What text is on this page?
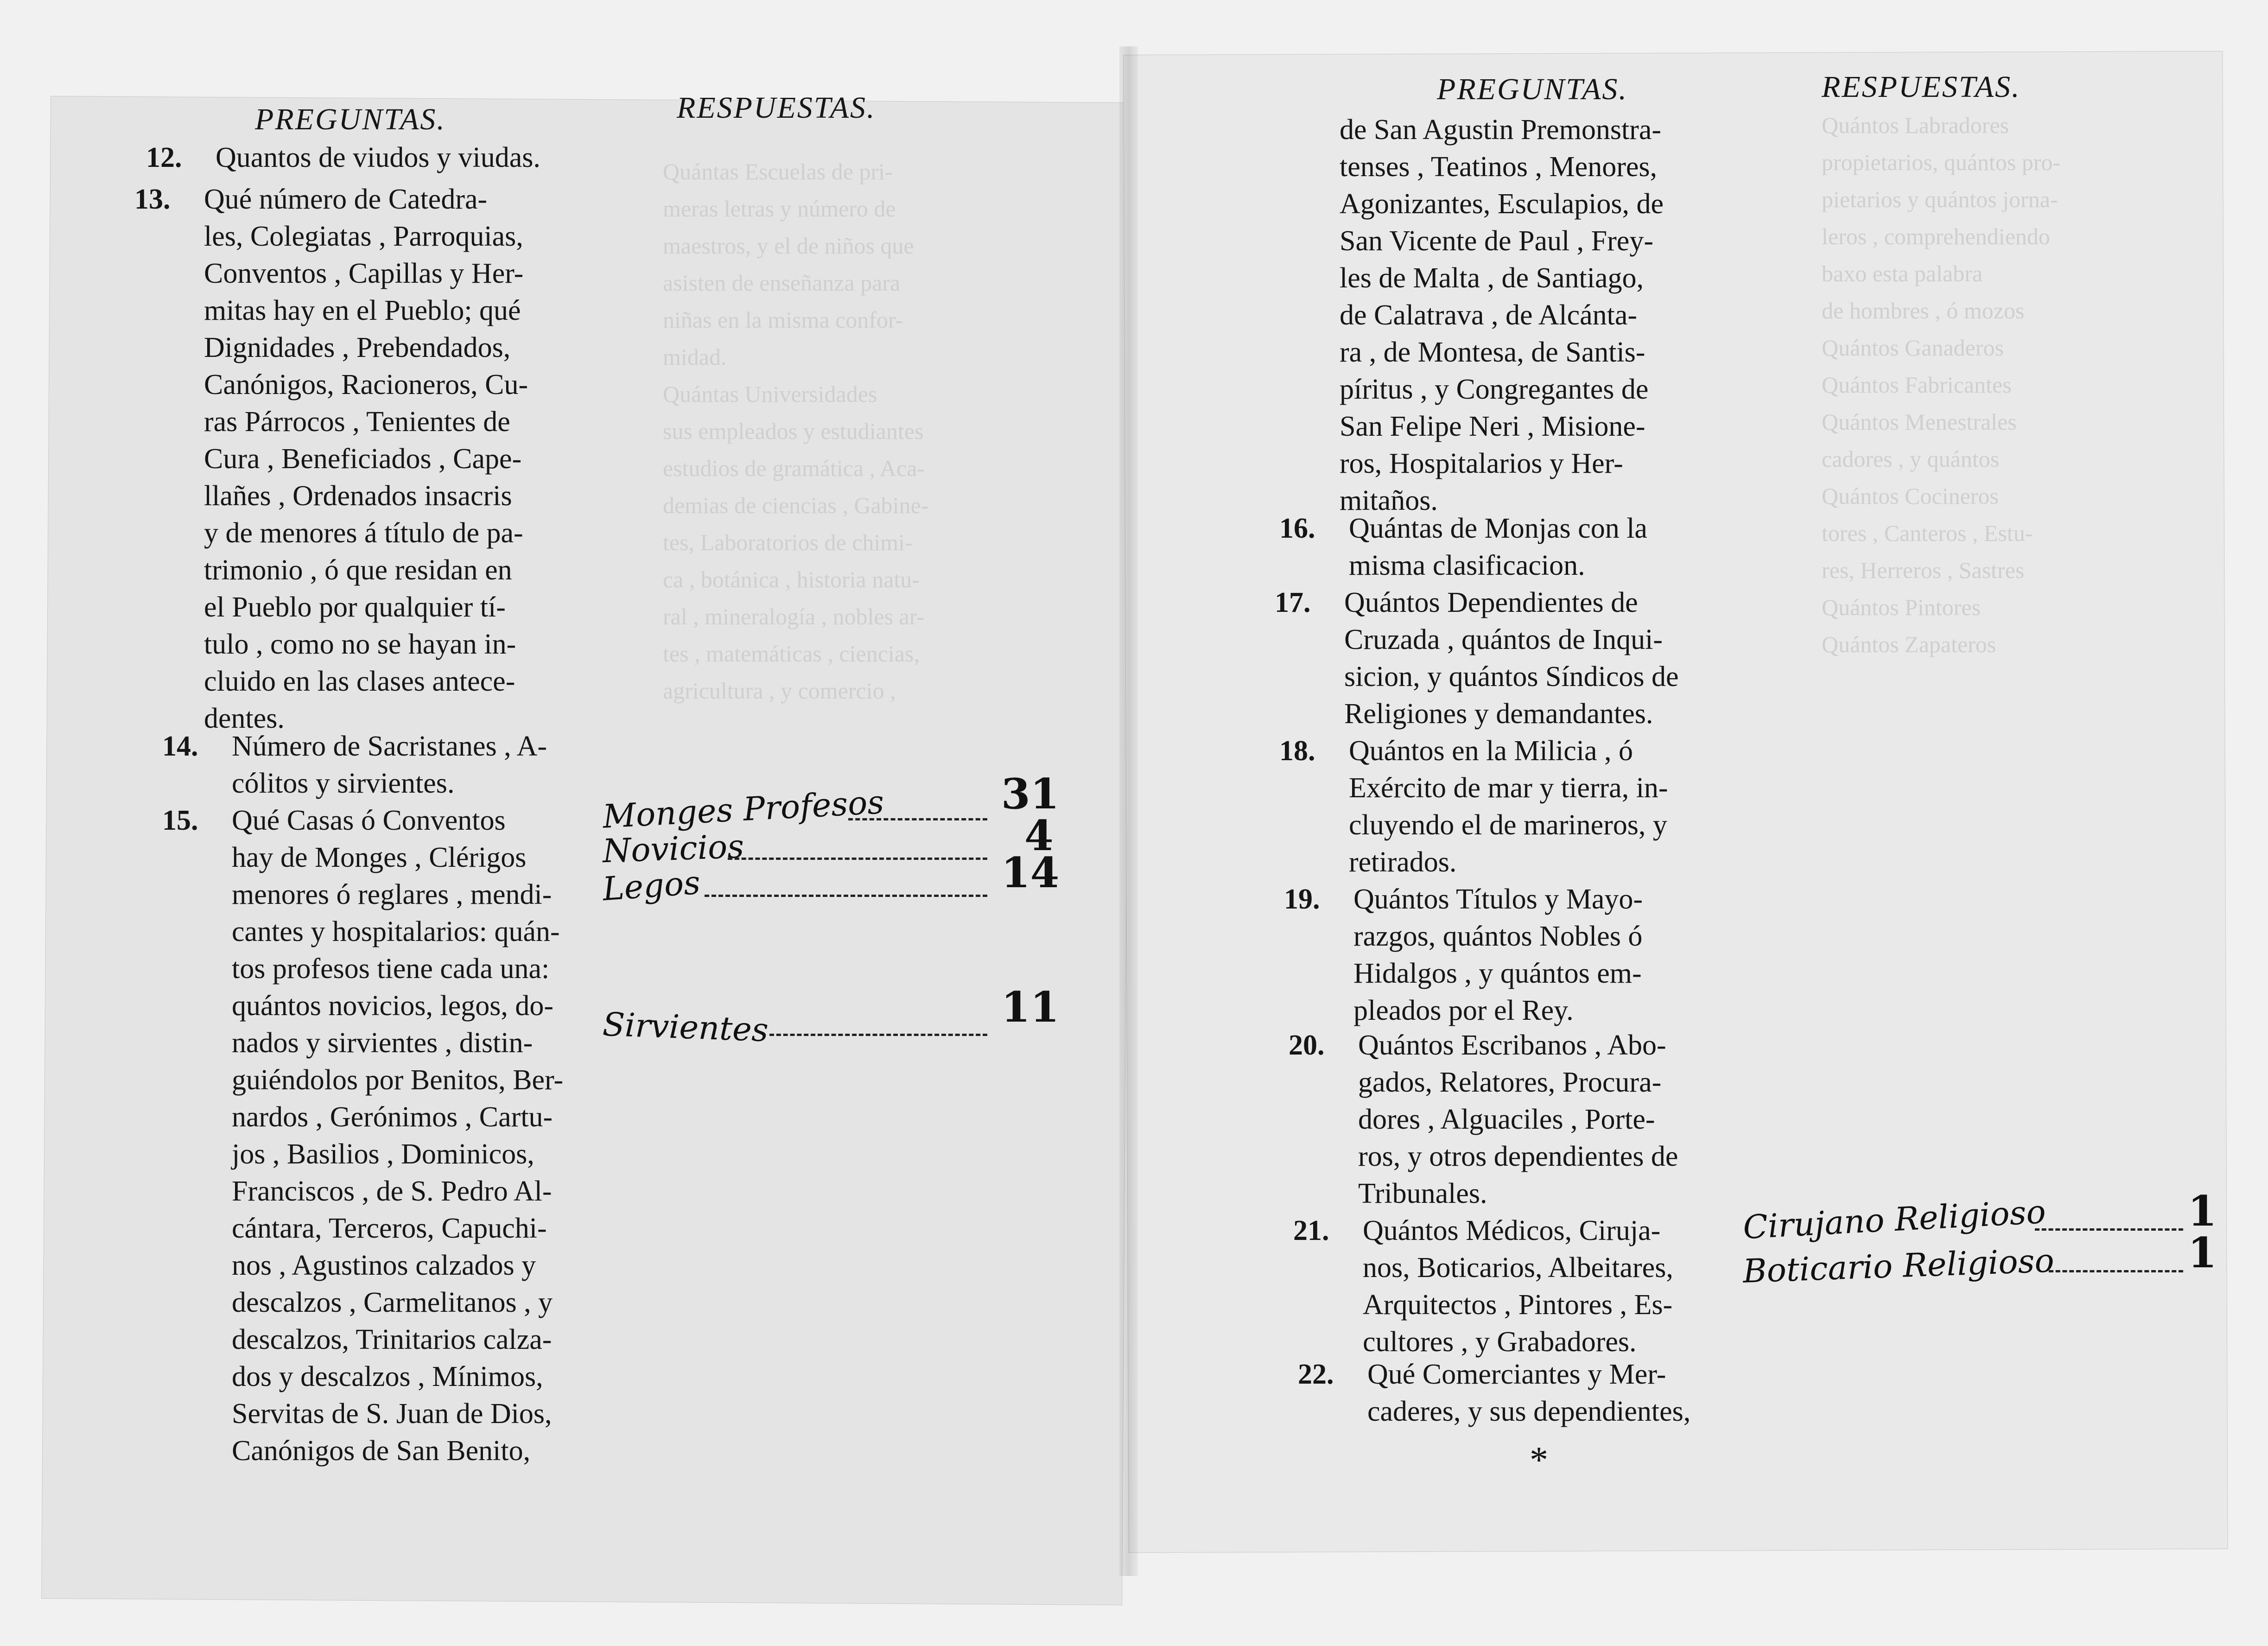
Quántas Escuelas de pri-
meras letras y número de
maestros, y el de niños que
asisten de enseñanza para
niñas en la misma confor-
midad.
Quántas Universidades
sus empleados y estudiantes
estudios de gramática , Aca-
demias de ciencias , Gabine-
tes, Laboratorios de chimi-
ca , botánica , historia natu-
ral , mineralogía , nobles ar-
tes , matemáticas , ciencias,
agricultura , y comercio ,
Quántos Labradores
propietarios, quántos pro-
pietarios y quántos jorna-
leros , comprehendiendo
baxo esta palabra
de hombres , ó mozos
Quántos Ganaderos
Quántos Fabricantes
Quántos Menestrales
cadores , y quántos
Quántos Cocineros
tores , Canteros , Estu-
res, Herreros , Sastres
Quántos Pintores
Quántos Zapateros
PREGUNTAS.	RESPUESTAS.
12. Quantos de viudos y viudas.

13. Qué número de Catedra-

les, Colegiatas , Parroquias,

Conventos , Capillas y Her-

mitas hay en el Pueblo; qué

Dignidades , Prebendados,

Canónigos, Racioneros, Cu-

ras Párrocos , Tenientes de

Cura , Beneficiados , Cape-

llañes , Ordenados insacris

y de menores á título de pa-

trimonio , ó que residan en

el Pueblo por qualquier tí-

tulo , como no se hayan in-

cluido en las clases antece-

dentes.

14. Número de Sacristanes , A-

cólitos y sirvientes.

15. Qué Casas ó Conventos

hay de Monges , Clérigos

menores ó reglares , mendi-

cantes y hospitalarios: quán-

tos profesos tiene cada una:

quántos novicios, legos, do-

nados y sirvientes , distin-

guiéndolos por Benitos, Ber-

nardos , Gerónimos , Cartu-

jos , Basilios , Dominicos,

Franciscos , de S. Pedro Al-

cántara, Terceros, Capuchi-

nos , Agustinos calzados y

descalzos , Carmelitanos , y

descalzos, Trinitarios calza-

dos y descalzos , Mínimos,

Servitas de S. Juan de Dios,

Canónigos de San Benito,

Monges Profesos	31
Novicios	4
Legos	14
Sirvientes	11
PREGUNTAS.	RESPUESTAS.

de San Agustin Premonstra-

tenses , Teatinos , Menores,

Agonizantes, Esculapios, de

San Vicente de Paul , Frey-

les de Malta , de Santiago,

de Calatrava , de Alcánta-

ra , de Montesa, de Santis-

píritus , y Congregantes de

San Felipe Neri , Misione-

ros, Hospitalarios y Her-

mitaños.

16. Quántas de Monjas con la

misma clasificacion.

17. Quántos Dependientes de

Cruzada , quántos de Inqui-

sicion, y quántos Síndicos de

Religiones y demandantes.

18. Quántos en la Milicia , ó

Exército de mar y tierra, in-

cluyendo el de marineros, y

retirados.

19. Quántos Títulos y Mayo-

razgos, quántos Nobles ó

Hidalgos , y quántos em-

pleados por el Rey.

20. Quántos Escribanos , Abo-

gados, Relatores, Procura-

dores , Alguaciles , Porte-

ros, y otros dependientes de

Tribunales.

21. Quántos Médicos, Ciruja-

nos, Boticarios, Albeitares,

Arquitectos , Pintores , Es-

cultores , y Grabadores.

22. Qué Comerciantes y Mer-

caderes, y sus dependientes,

Cirujano Religioso	1
Boticario Religioso	1
*
